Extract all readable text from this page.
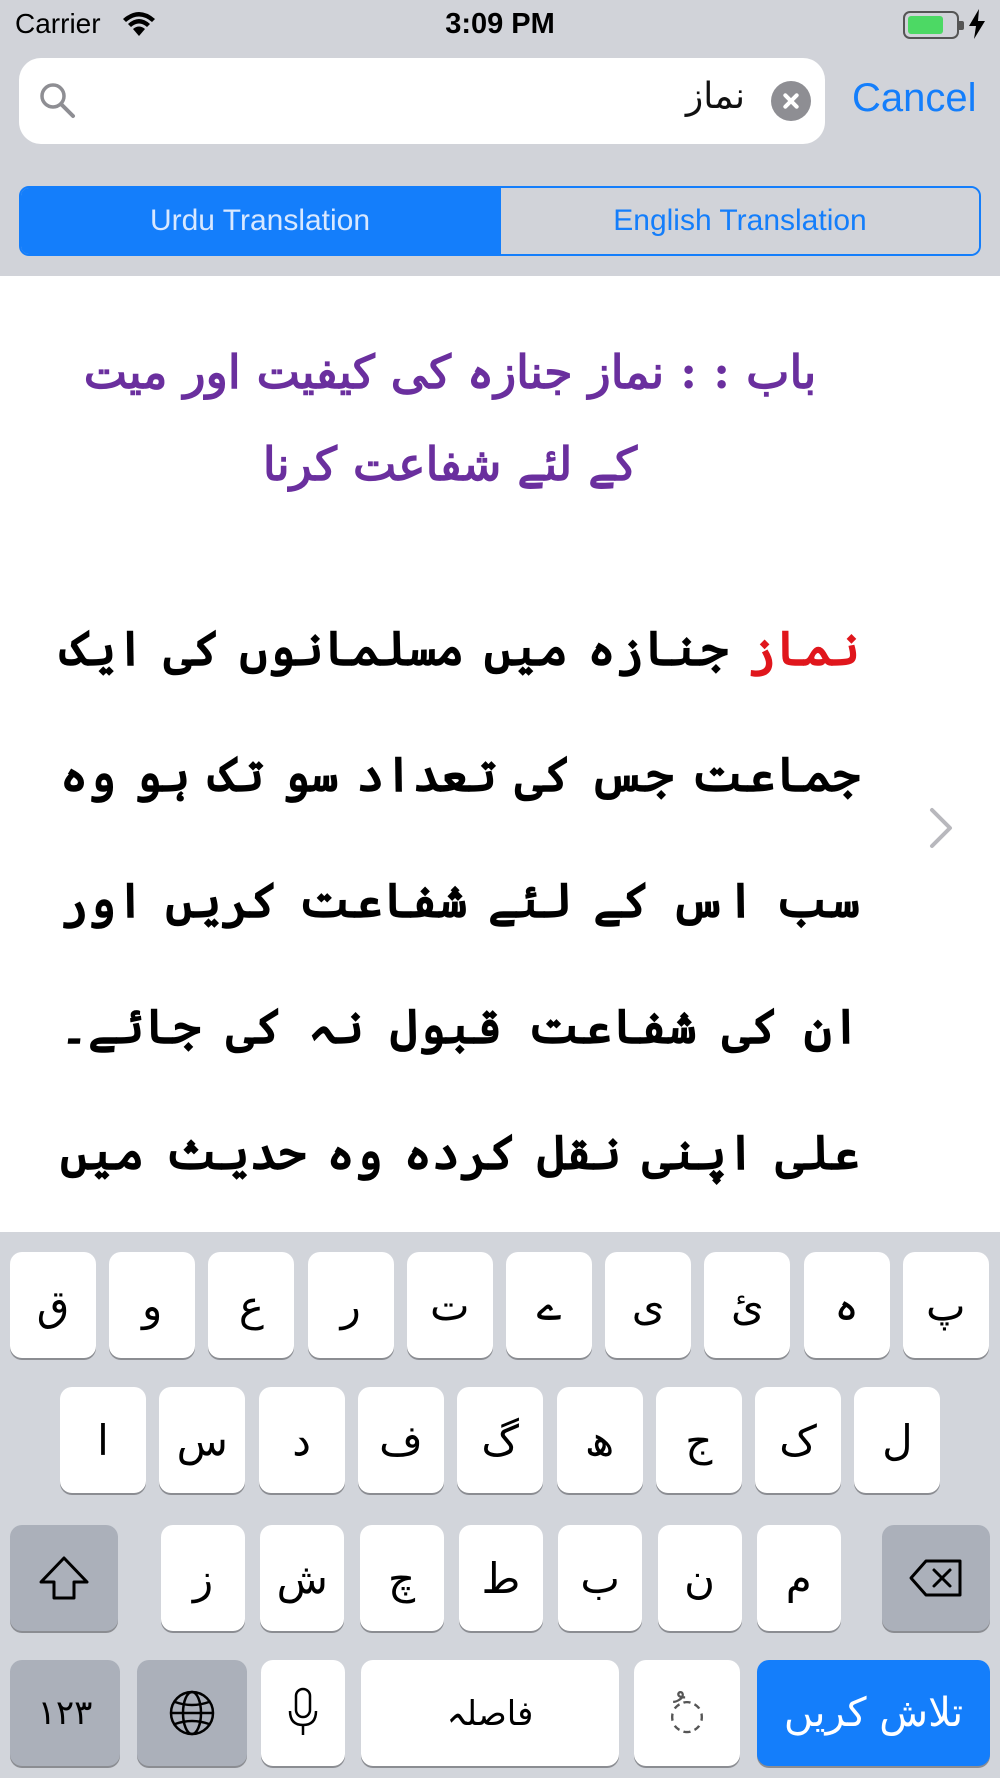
Carrier	3:09 PM
نماز	Cancel
Urdu Translation	English Translation
باب : : نماز جنازہ کی کیفیت اور میت کے لئے شفاعت کرنا
نماز جنازہ میں مسلمانوں کی ایک جماعت جس کی تعداد سو تک ہو وہ سب اس کے لئے شفاعت کریں اور ان کی شفاعت قبول نہ کی جائے۔ علی اپنی نقل کردہ وہ حدیث میں
ق	و	ع	ر	ت	ے	ی	ئ	ہ	پ
ا	س	د	ف	گ	ھ	ج	ک	ل
ز	ش	چ	ط	ب	ن	م
۱۲۳	فاصلہ	ُ◌	تلاش کریں
